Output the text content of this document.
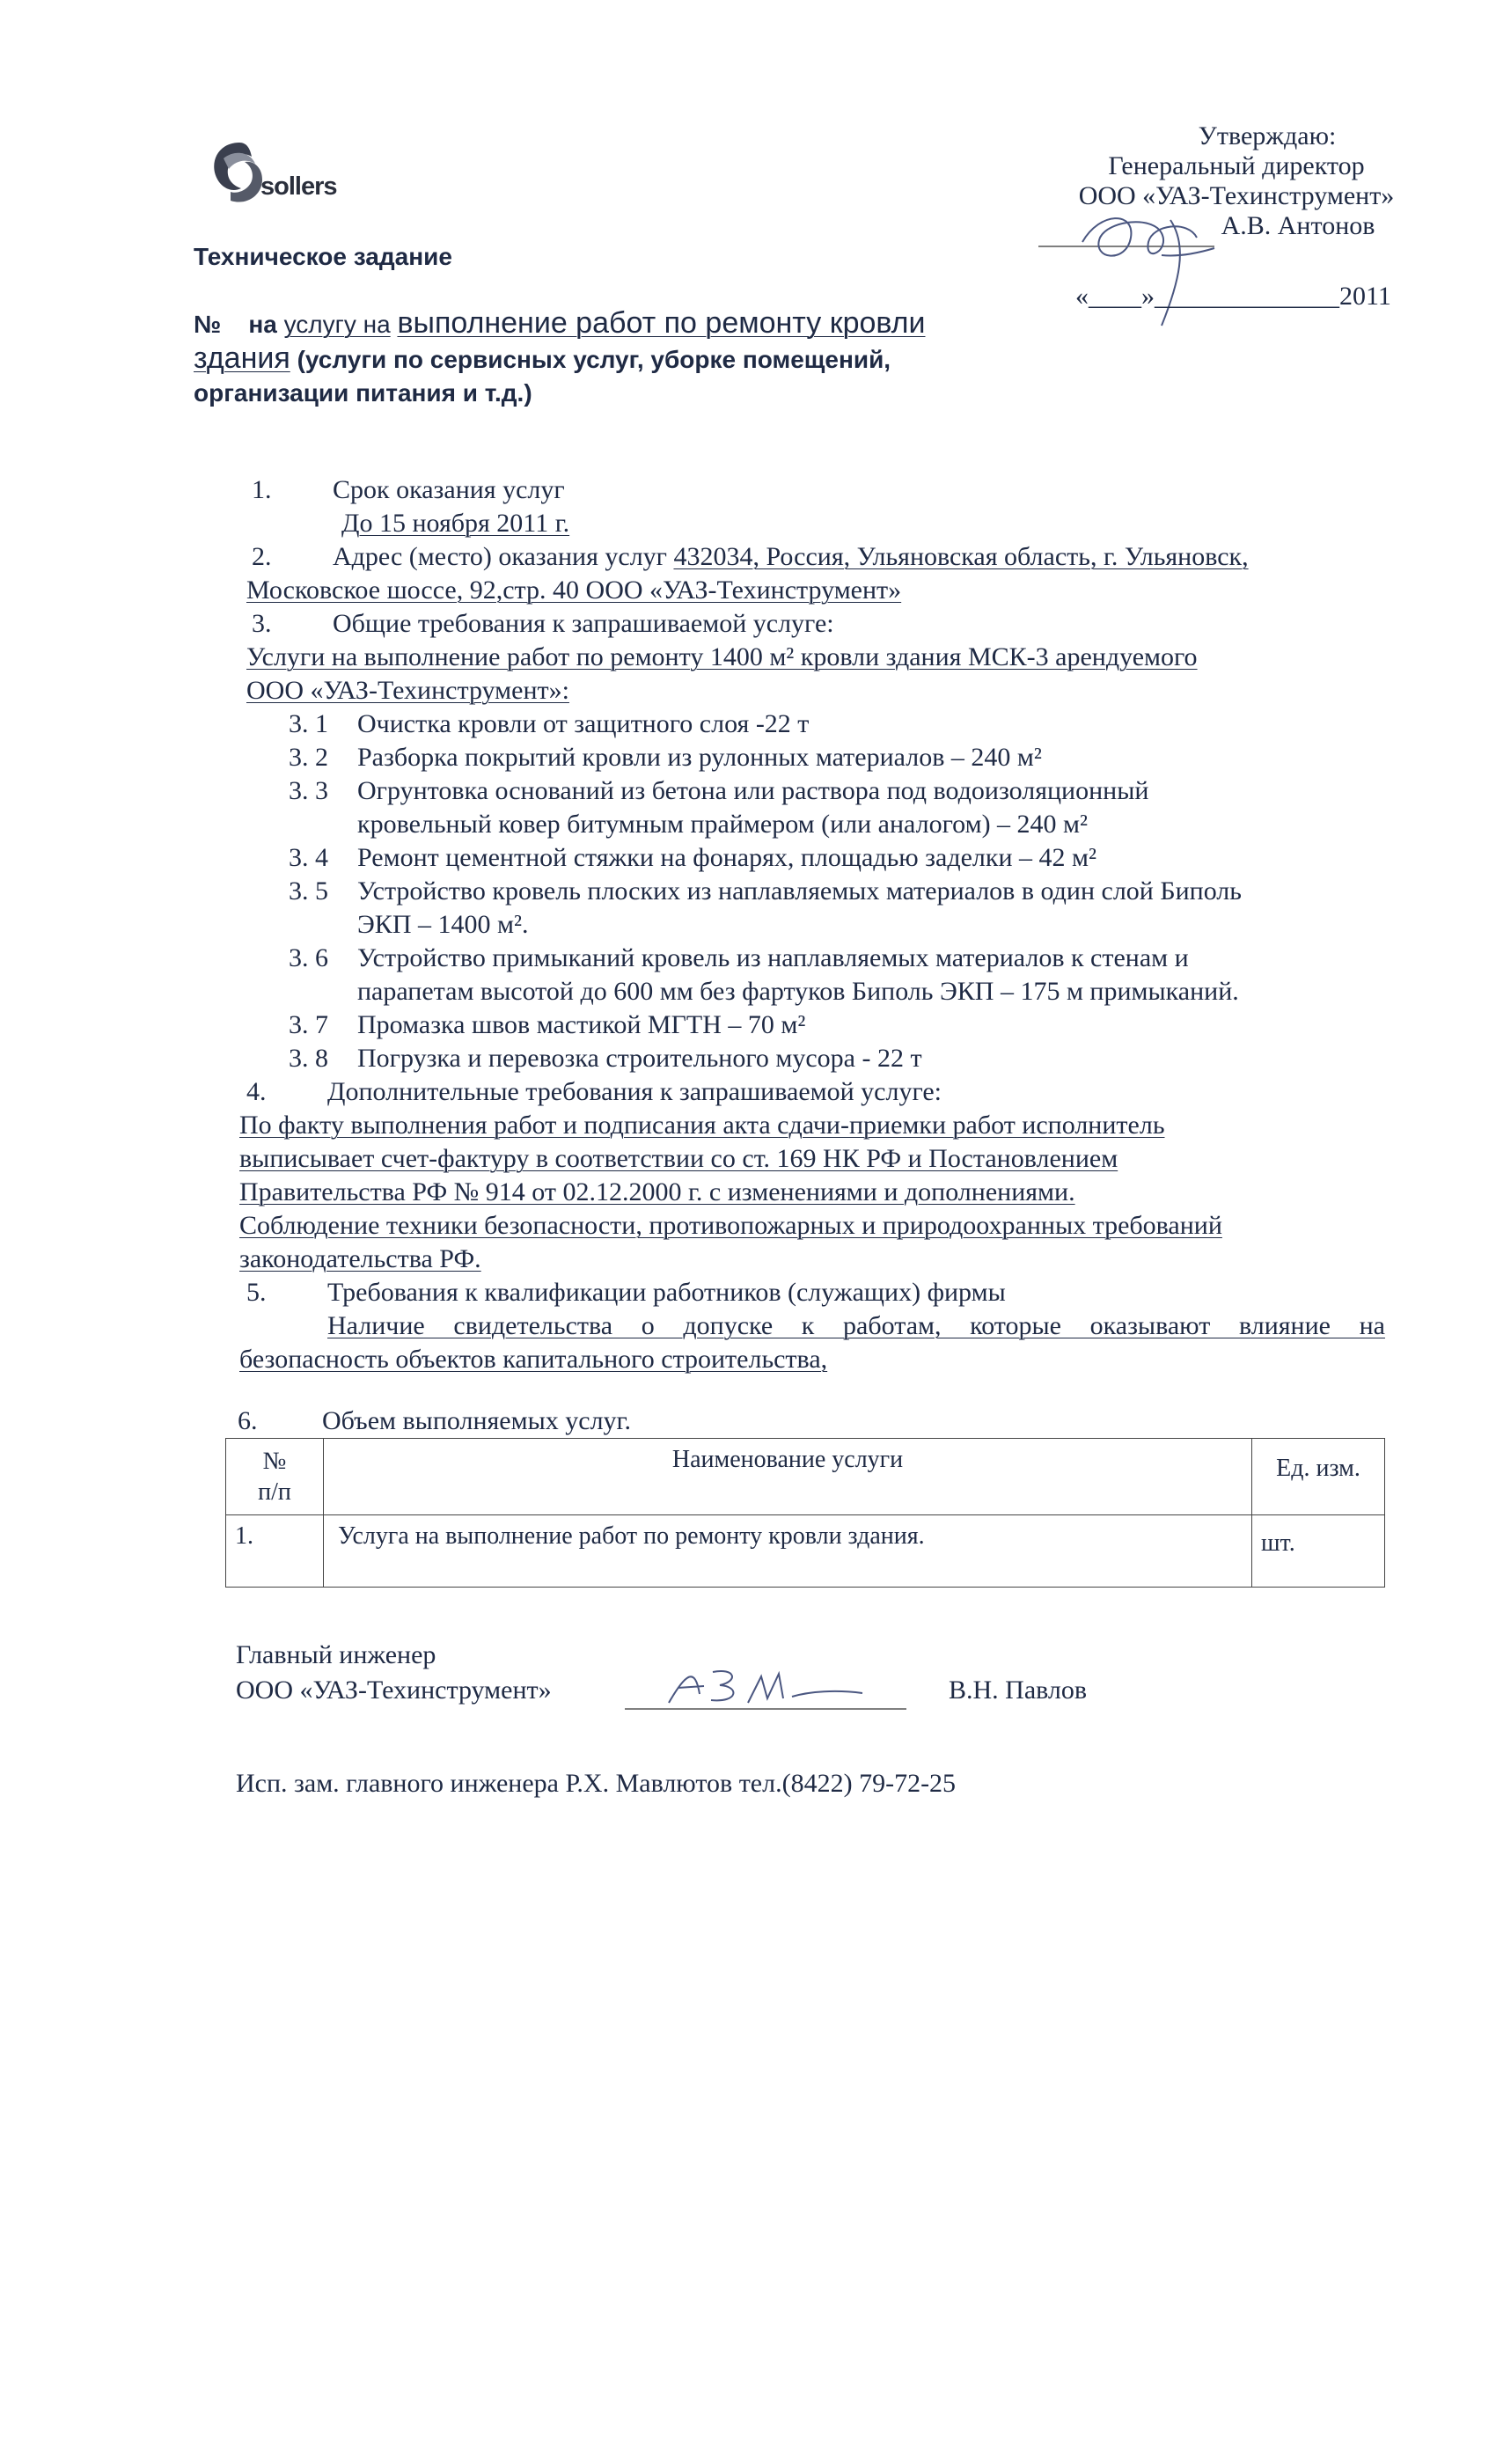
sollers
Утверждаю:
Генеральный директор
ООО «УАЗ-Техинструмент»
А.В. Антонов
«____»______________2011
Техническое задание
№ на услугу на выполнение работ по ремонту кровли
здания (услуги по сервисных услуг, уборке помещений, организации питания и т.д.)
1. Срок оказания услуг
До 15 ноября 2011 г.
2. Адрес (место) оказания услуг 432034, Россия, Ульяновская область, г. Ульяновск,
Московское шоссе, 92,стр. 40 ООО «УАЗ-Техинструмент»
3. Общие требования к запрашиваемой услуге:
Услуги на выполнение работ по ремонту 1400 м² кровли здания МСК-3 арендуемого
ООО «УАЗ-Техинструмент»:
3. 1 Очистка кровли от защитного слоя -22 т
3. 2 Разборка покрытий кровли из рулонных материалов – 240 м²
3. 3 Огрунтовка оснований из бетона или раствора под водоизоляционный
кровельный ковер битумным праймером (или аналогом) – 240 м²
3. 4 Ремонт цементной стяжки на фонарях, площадью заделки – 42 м²
3. 5 Устройство кровель плоских из наплавляемых материалов в один слой Биполь
ЭКП – 1400 м².
3. 6 Устройство примыканий кровель из наплавляемых материалов к стенам и
парапетам высотой до 600 мм без фартуков Биполь ЭКП – 175 м примыканий.
3. 7 Промазка швов мастикой МГТН – 70 м²
3. 8 Погрузка и перевозка строительного мусора - 22 т
4. Дополнительные требования к запрашиваемой услуге:
По факту выполнения работ и подписания акта сдачи-приемки работ исполнитель
выписывает счет-фактуру в соответствии со ст. 169 НК РФ и Постановлением
Правительства РФ № 914 от 02.12.2000 г. с изменениями и дополнениями.
Соблюдение техники безопасности, противопожарных и природоохранных требований
законодательства РФ.
5. Требования к квалификации работников (служащих) фирмы
Наличие свидетельства о допуске к работам, которые оказывают влияние на
безопасность объектов капитального строительства,
6. Объем выполняемых услуг.
№
п/п	Наименование услуги	Ед. изм.
1.	Услуга на выполнение работ по ремонту кровли здания.	шт.
Главный инженер
ООО «УАЗ-Техинструмент»	В.Н. Павлов
Исп. зам. главного инженера Р.Х. Мавлютов тел.(8422) 79-72-25
